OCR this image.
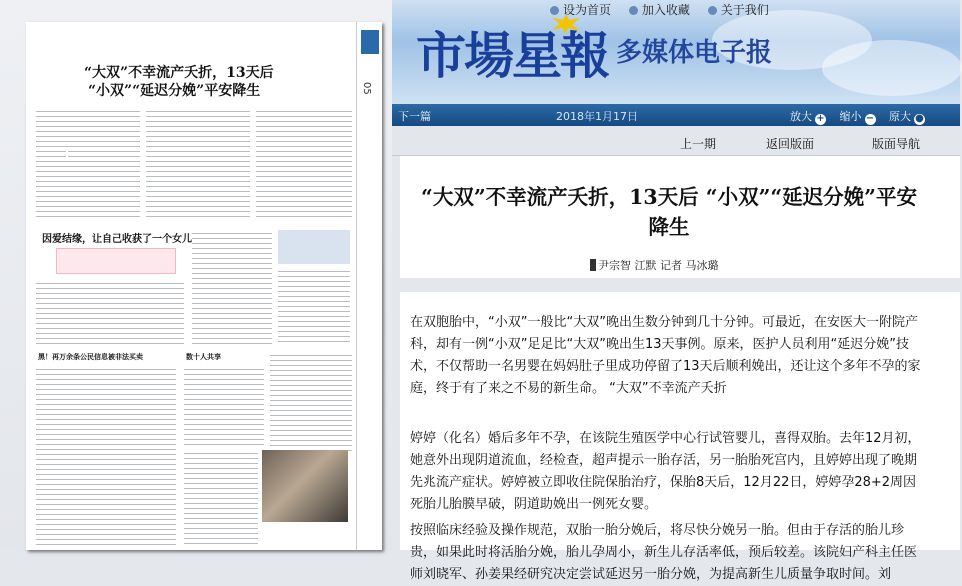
05
“大双”不幸流产夭折，13天后
“小双”“延迟分娩”平安降生

因爱结缘，让自己收获了一个女儿
黑！再万余条公民信息被非法买卖	数十人共享
设为首页	加入收藏	关于我们
市場星報 $^{多媒体电子报}$
下一篇	2018年1月17日	放大 + 缩小 − 原大 ●
上一期	返回版面	版面导航
“大双”不幸流产夭折，13天后 “小双”“延迟分娩”平安降生
尹宗智 江默 记者 马冰璐

在双胞胎中，“小双”一般比“大双”晚出生数分钟到几十分钟。可最近，在安医大一附院产科，却有一例“小双”足足比“大双”晚出生13天事例。原来，医护人员利用“延迟分娩”技术，不仅帮助一名男婴在妈妈肚子里成功停留了13天后顺利娩出，还让这个多年不孕的家庭，终于有了来之不易的新生命。 “大双”不幸流产夭折

婷婷（化名）婚后多年不孕，在该院生殖医学中心行试管婴儿，喜得双胎。去年12月初，她意外出现阴道流血，经检查，超声提示一胎存活，另一胎胎死宫内，且婷婷出现了晚期先兆流产症状。婷婷被立即收住院保胎治疗，保胎8天后，12月22日，婷婷孕28+2周因死胎儿胎膜早破，阴道助娩出一例死女婴。

按照临床经验及操作规范，双胎一胎分娩后，将尽快分娩另一胎。但由于存活的胎儿珍贵，如果此时将活胎分娩，胎儿孕周小，新生儿存活率低，预后较差。该院妇产科主任医师刘晓军、孙姜果经研究决定尝试延迟另一胎分娩，为提高新生儿质量争取时间。刘
